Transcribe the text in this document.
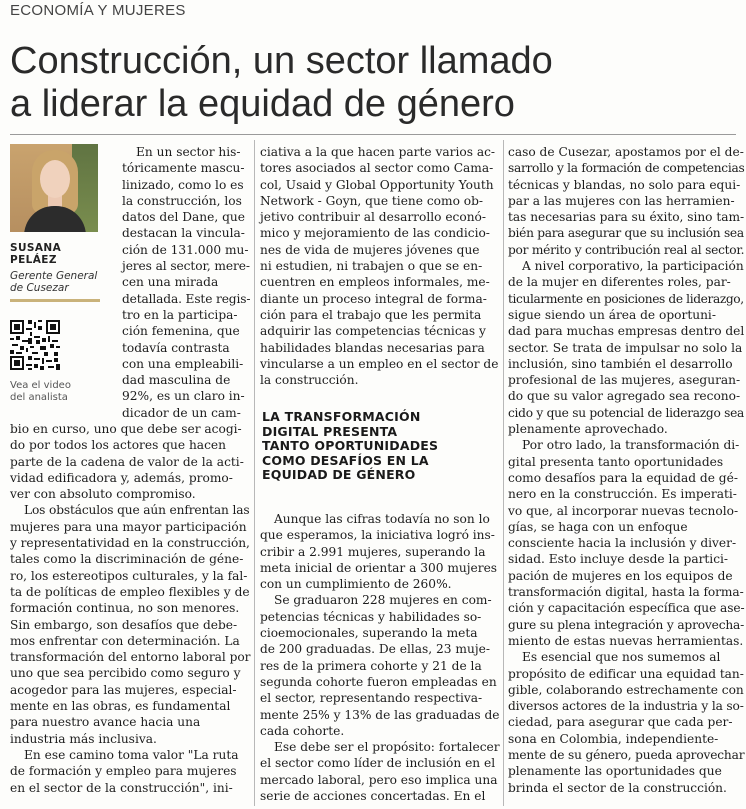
ECONOMÍA Y MUJERES
Construcción, un sector llamado
a liderar la equidad de género
SUSANA
PELÁEZ
Gerente General
de Cusezar
Vea el video
del analista
En un sector his-
tóricamente mascu-
linizado, como lo es
la construcción, los
datos del Dane, que
destacan la vincula-
ción de 131.000 mu-
jeres al sector, mere-
cen una mirada
detallada. Este regis-
tro en la participa-
ción femenina, que
todavía contrasta
con una empleabili-
dad masculina de
92%, es un claro in-
dicador de un cam-
bio en curso, uno que debe ser acogi-
do por todos los actores que hacen
parte de la cadena de valor de la acti-
vidad edificadora y, además, promo-
ver con absoluto compromiso.
Los obstáculos que aún enfrentan las
mujeres para una mayor participación
y representatividad en la construcción,
tales como la discriminación de géne-
ro, los estereotipos culturales, y la fal-
ta de políticas de empleo flexibles y de
formación continua, no son menores.
Sin embargo, son desafíos que debe-
mos enfrentar con determinación. La
transformación del entorno laboral por
uno que sea percibido como seguro y
acogedor para las mujeres, especial-
mente en las obras, es fundamental
para nuestro avance hacia una
industria más inclusiva.
En ese camino toma valor "La ruta
de formación y empleo para mujeres
en el sector de la construcción", ini-
ciativa a la que hacen parte varios ac-
tores asociados al sector como Cama-
col, Usaid y Global Opportunity Youth
Network - Goyn, que tiene como ob-
jetivo contribuir al desarrollo econó-
mico y mejoramiento de las condicio-
nes de vida de mujeres jóvenes que
ni estudien, ni trabajen o que se en-
cuentren en empleos informales, me-
diante un proceso integral de forma-
ción para el trabajo que les permita
adquirir las competencias técnicas y
habilidades blandas necesarias para
vincularse a un empleo en el sector de
la construcción.
LA TRANSFORMACIÓN
DIGITAL PRESENTA
TANTO OPORTUNIDADES
COMO DESAFÍOS EN LA
EQUIDAD DE GÉNERO
Aunque las cifras todavía no son lo
que esperamos, la iniciativa logró ins-
cribir a 2.991 mujeres, superando la
meta inicial de orientar a 300 mujeres
con un cumplimiento de 260%.
Se graduaron 228 mujeres en com-
petencias técnicas y habilidades so-
cioemocionales, superando la meta
de 200 graduadas. De ellas, 23 muje-
res de la primera cohorte y 21 de la
segunda cohorte fueron empleadas en
el sector, representando respectiva-
mente 25% y 13% de las graduadas de
cada cohorte.
Ese debe ser el propósito: fortalecer
el sector como líder de inclusión en el
mercado laboral, pero eso implica una
serie de acciones concertadas. En el
caso de Cusezar, apostamos por el de-
sarrollo y la formación de competencias
técnicas y blandas, no solo para equi-
par a las mujeres con las herramien-
tas necesarias para su éxito, sino tam-
bién para asegurar que su inclusión sea
por mérito y contribución real al sector.
A nivel corporativo, la participación
de la mujer en diferentes roles, par-
ticularmente en posiciones de liderazgo,
sigue siendo un área de oportuni-
dad para muchas empresas dentro del
sector. Se trata de impulsar no solo la
inclusión, sino también el desarrollo
profesional de las mujeres, aseguran-
do que su valor agregado sea recono-
cido y que su potencial de liderazgo sea
plenamente aprovechado.
Por otro lado, la transformación di-
gital presenta tanto oportunidades
como desafíos para la equidad de gé-
nero en la construcción. Es imperati-
vo que, al incorporar nuevas tecnolo-
gías, se haga con un enfoque
consciente hacia la inclusión y diver-
sidad. Esto incluye desde la partici-
pación de mujeres en los equipos de
transformación digital, hasta la forma-
ción y capacitación específica que ase-
gure su plena integración y aprovecha-
miento de estas nuevas herramientas.
Es esencial que nos sumemos al
propósito de edificar una equidad tan-
gible, colaborando estrechamente con
diversos actores de la industria y la so-
ciedad, para asegurar que cada per-
sona en Colombia, independiente-
mente de su género, pueda aprovechar
plenamente las oportunidades que
brinda el sector de la construcción.
